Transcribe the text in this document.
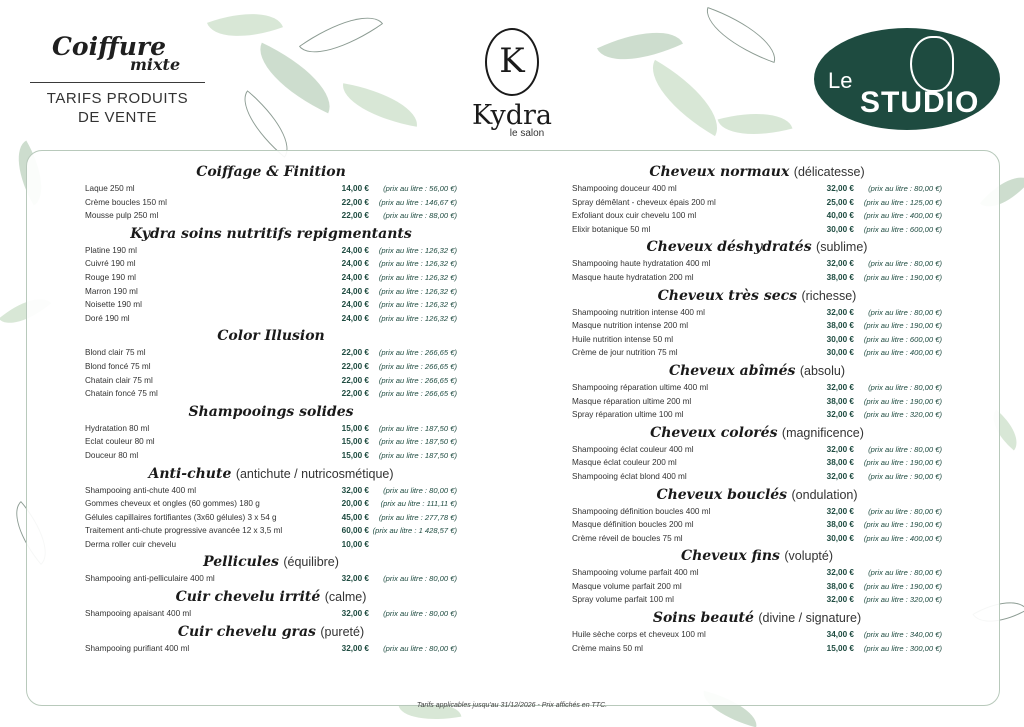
Coiffure
mixte
TARIFS PRODUITS
DE VENTE
K
Kydra
le salon
Le
STUDIO
Coiffage & Finition
Laque 250 ml	14,00 €	(prix au litre : 56,00 €)
Crème boucles 150 ml	22,00 €	(prix au litre : 146,67 €)
Mousse pulp 250 ml	22,00 €	(prix au litre : 88,00 €)
Kydra soins nutritifs repigmentants
Platine 190 ml	24,00 €	(prix au litre : 126,32 €)
Cuivré 190 ml	24,00 €	(prix au litre : 126,32 €)
Rouge 190 ml	24,00 €	(prix au litre : 126,32 €)
Marron 190 ml	24,00 €	(prix au litre : 126,32 €)
Noisette 190 ml	24,00 €	(prix au litre : 126,32 €)
Doré 190 ml	24,00 €	(prix au litre : 126,32 €)
Color Illusion
Blond clair 75 ml	22,00 €	(prix au litre : 266,65 €)
Blond foncé 75 ml	22,00 €	(prix au litre : 266,65 €)
Chatain clair 75 ml	22,00 €	(prix au litre : 266,65 €)
Chatain foncé 75 ml	22,00 €	(prix au litre : 266,65 €)
Shampooings solides
Hydratation 80 ml	15,00 €	(prix au litre : 187,50 €)
Eclat couleur 80 ml	15,00 €	(prix au litre : 187,50 €)
Douceur 80 ml	15,00 €	(prix au litre : 187,50 €)
Anti-chute (antichute / nutricosmétique)
Shampooing anti-chute 400 ml	32,00 €	(prix au litre : 80,00 €)
Gommes cheveux et ongles (60 gommes) 180 g	20,00 €	(prix au litre : 111,11 €)
Gélules capillaires fortifiantes (3x60 gélules) 3 x 54 g	45,00 €	(prix au litre : 277,78 €)
Traitement anti-chute progressive avancée 12 x 3,5 ml	60,00 € (prix au litre : 1 428,57 €)
Derma roller cuir chevelu	10,00 €
Pellicules (équilibre)
Shampooing anti-pelliculaire 400 ml	32,00 €	(prix au litre : 80,00 €)
Cuir chevelu irrité (calme)
Shampooing apaisant 400 ml	32,00 €	(prix au litre : 80,00 €)
Cuir chevelu gras (pureté)
Shampooing purifiant 400 ml	32,00 €	(prix au litre : 80,00 €)
Cheveux normaux (délicatesse)
Shampooing douceur 400 ml	32,00 €	(prix au litre : 80,00 €)
Spray démêlant - cheveux épais 200 ml	25,00 €	(prix au litre : 125,00 €)
Exfoliant doux cuir chevelu 100 ml	40,00 €	(prix au litre : 400,00 €)
Elixir botanique 50 ml	30,00 €	(prix au litre : 600,00 €)
Cheveux déshydratés (sublime)
Shampooing haute hydratation 400 ml	32,00 €	(prix au litre : 80,00 €)
Masque haute hydratation 200 ml	38,00 €	(prix au litre : 190,00 €)
Cheveux très secs (richesse)
Shampooing nutrition intense 400 ml	32,00 €	(prix au litre : 80,00 €)
Masque nutrition intense 200 ml	38,00 €	(prix au litre : 190,00 €)
Huile nutrition intense 50 ml	30,00 €	(prix au litre : 600,00 €)
Crème de jour nutrition 75 ml	30,00 €	(prix au litre : 400,00 €)
Cheveux abîmés (absolu)
Shampooing réparation ultime 400 ml	32,00 €	(prix au litre : 80,00 €)
Masque réparation ultime 200 ml	38,00 €	(prix au litre : 190,00 €)
Spray réparation ultime 100 ml	32,00 €	(prix au litre : 320,00 €)
Cheveux colorés (magnificence)
Shampooing éclat couleur 400 ml	32,00 €	(prix au litre : 80,00 €)
Masque éclat couleur 200 ml	38,00 €	(prix au litre : 190,00 €)
Shampooing éclat blond 400 ml	32,00 €	(prix au litre : 90,00 €)
Cheveux bouclés (ondulation)
Shampooing définition boucles 400 ml	32,00 €	(prix au litre : 80,00 €)
Masque définition boucles 200 ml	38,00 €	(prix au litre : 190,00 €)
Crème réveil de boucles 75 ml	30,00 €	(prix au litre : 400,00 €)
Cheveux fins (volupté)
Shampooing volume parfait 400 ml	32,00 €	(prix au litre : 80,00 €)
Masque volume parfait 200 ml	38,00 €	(prix au litre : 190,00 €)
Spray volume parfait 100 ml	32,00 €	(prix au litre : 320,00 €)
Soins beauté (divine / signature)
Huile sèche corps et cheveux 100 ml	34,00 €	(prix au litre : 340,00 €)
Crème mains 50 ml	15,00 €	(prix au litre : 300,00 €)
Tarifs applicables jusqu'au 31/12/2026 - Prix affichés en TTC.
